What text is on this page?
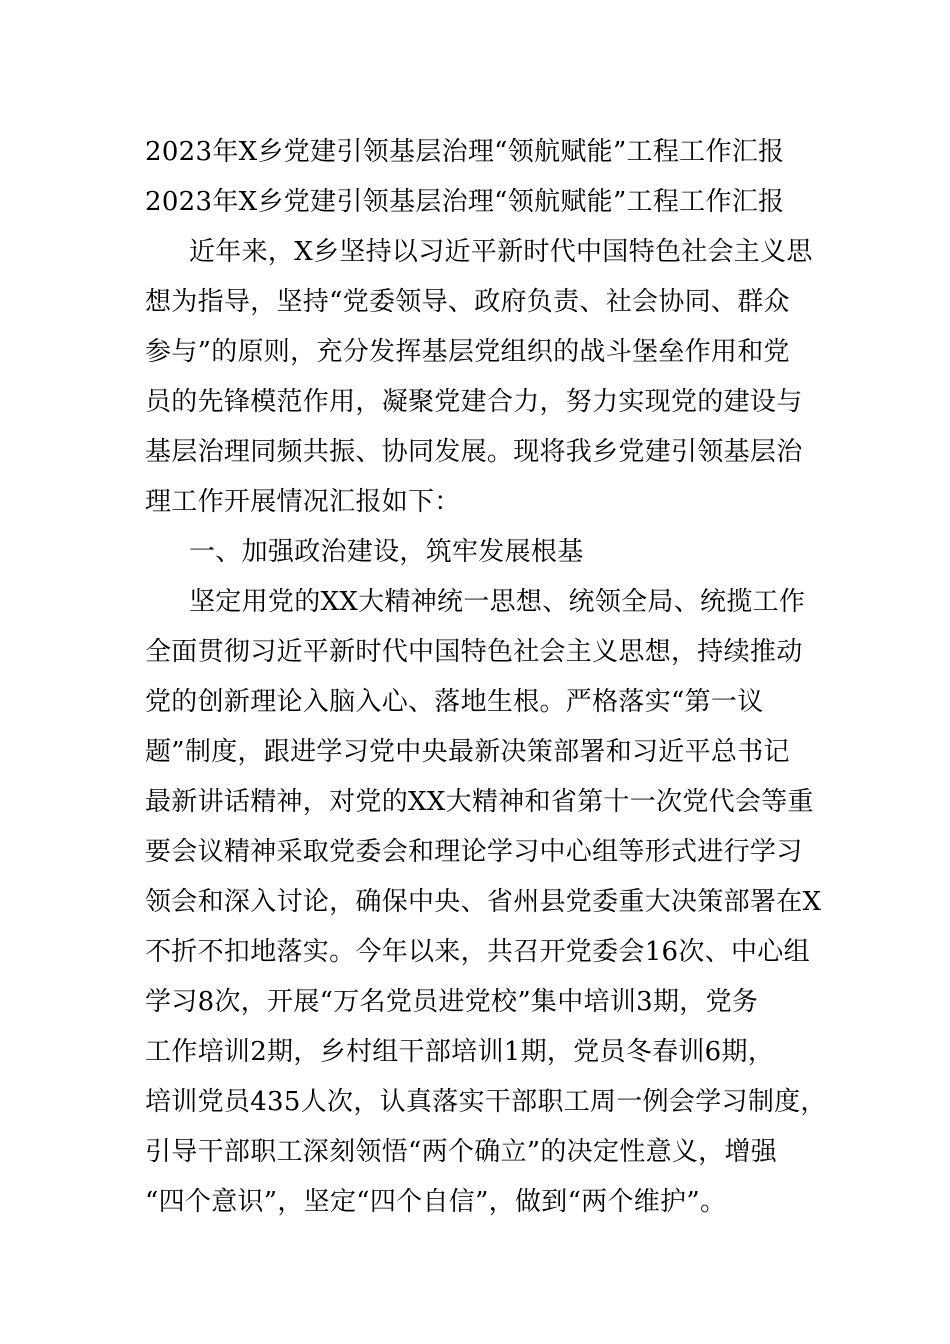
2023年X乡党建引领基层治理“领航赋能”工程工作汇报
2023年X乡党建引领基层治理“领航赋能”工程工作汇报
近年来，X乡坚持以习近平新时代中国特色社会主义思
想为指导，坚持“党委领导、政府负责、社会协同、群众
参与”的原则，充分发挥基层党组织的战斗堡垒作用和党
员的先锋模范作用，凝聚党建合力，努力实现党的建设与
基层治理同频共振、协同发展。现将我乡党建引领基层治
理工作开展情况汇报如下：
一、加强政治建设，筑牢发展根基
坚定用党的XX大精神统一思想、统领全局、统揽工作
全面贯彻习近平新时代中国特色社会主义思想，持续推动
党的创新理论入脑入心、落地生根。严格落实“第一议
题”制度，跟进学习党中央最新决策部署和习近平总书记
最新讲话精神，对党的XX大精神和省第十一次党代会等重
要会议精神采取党委会和理论学习中心组等形式进行学习
领会和深入讨论，确保中央、省州县党委重大决策部署在X
不折不扣地落实。今年以来，共召开党委会16次、中心组
学习8次，开展“万名党员进党校”集中培训3期，党务
工作培训2期，乡村组干部培训1期，党员冬春训6期，
培训党员435人次，认真落实干部职工周一例会学习制度，
引导干部职工深刻领悟“两个确立”的决定性意义，增强
“四个意识”，坚定“四个自信”，做到“两个维护”。
